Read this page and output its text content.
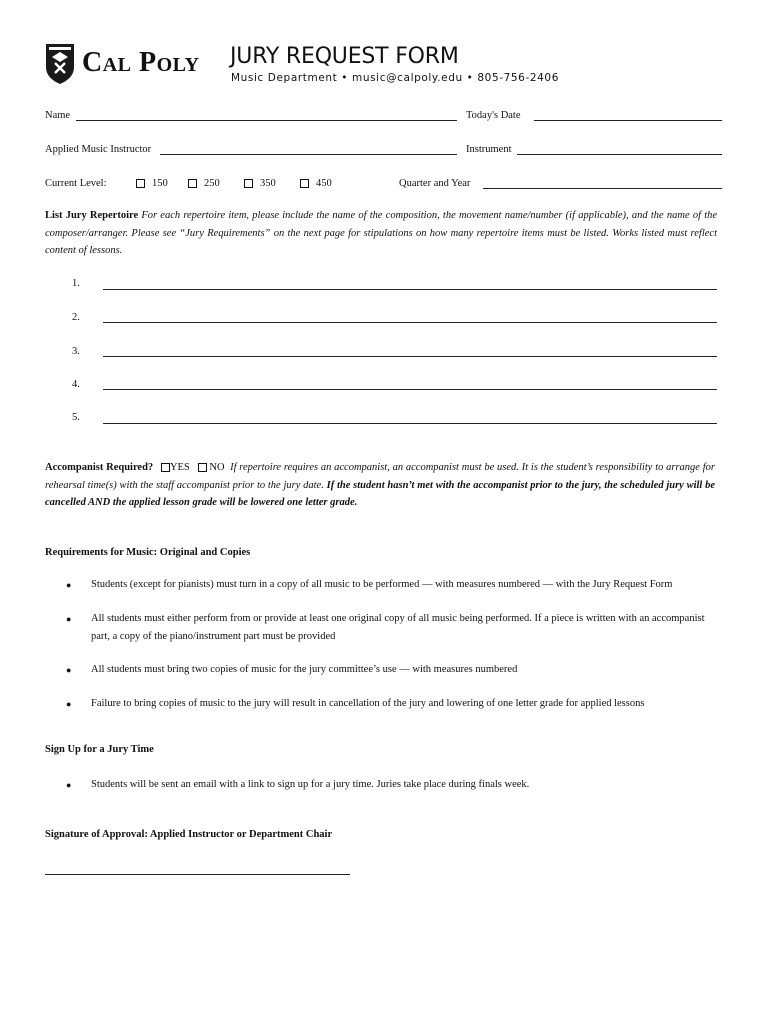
Cal Poly JURY REQUEST FORM
Music Department • music@calpoly.edu • 805-756-2406
Name	Today's Date
Applied Music Instructor	Instrument
Current Level:	150	250	350	450	Quarter and Year
List Jury Repertoire For each repertoire item, please include the name of the composition, the movement name/number (if applicable), and the name of the composer/arranger. Please see “Jury Requirements” on the next page for stipulations on how many repertoire items must be listed. Works listed must reflect content of lessons.
1.
2.
3.
4.
5.
Accompanist Required? YES NO If repertoire requires an accompanist, an accompanist must be used. It is the student’s responsibility to arrange for rehearsal time(s) with the staff accompanist prior to the jury date. If the student hasn’t met with the accompanist prior to the jury, the scheduled jury will be cancelled AND the applied lesson grade will be lowered one letter grade.
Requirements for Music: Original and Copies
● Students (except for pianists) must turn in a copy of all music to be performed — with measures numbered — with the Jury Request Form
● All students must either perform from or provide at least one original copy of all music being performed. If a piece is written with an accompanist part, a copy of the piano/instrument part must be provided
● All students must bring two copies of music for the jury committee’s use — with measures numbered
● Failure to bring copies of music to the jury will result in cancellation of the jury and lowering of one letter grade for applied lessons
Sign Up for a Jury Time
● Students will be sent an email with a link to sign up for a jury time. Juries take place during finals week.
Signature of Approval: Applied Instructor or Department Chair
